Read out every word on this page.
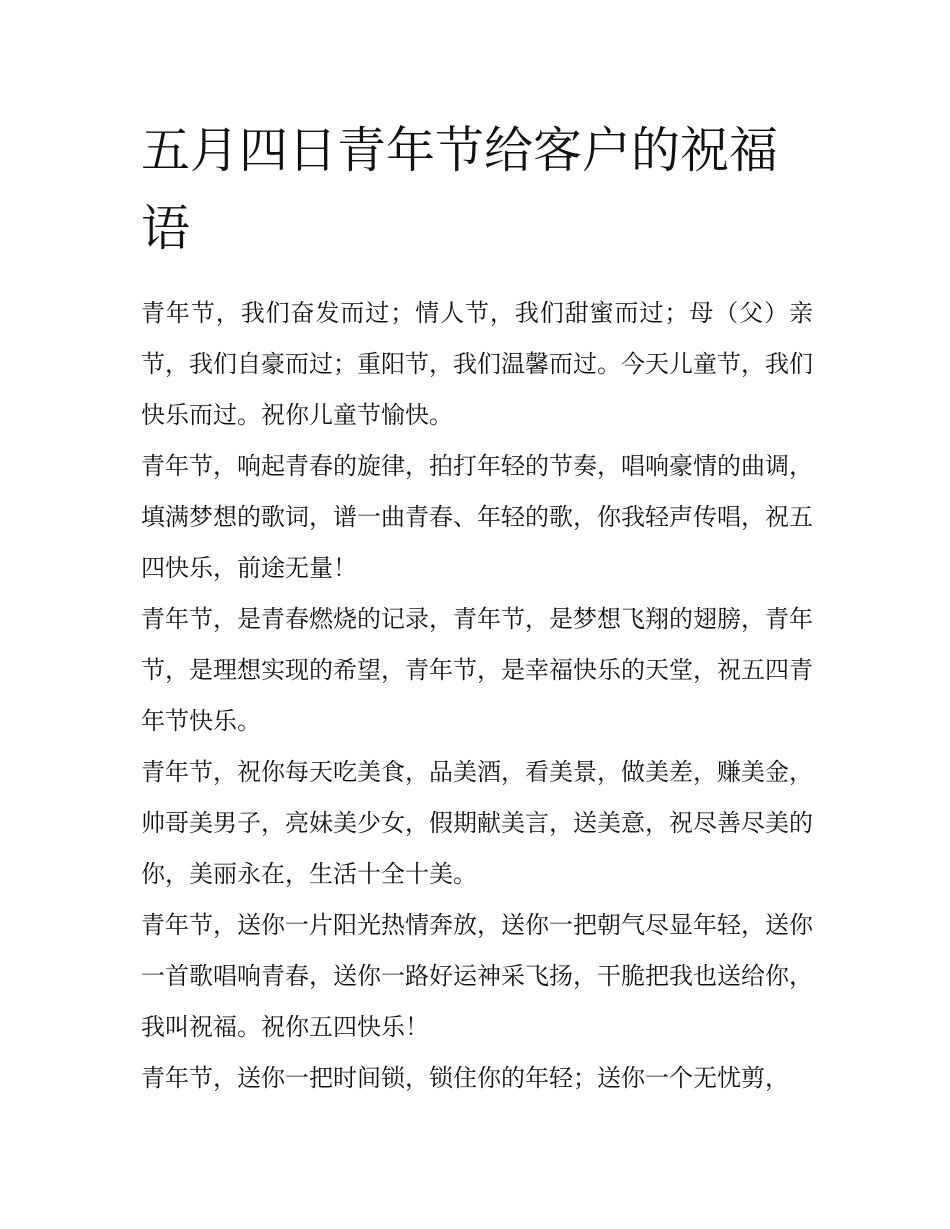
五月四日青年节给客户的祝福语

青年节，我们奋发而过；情人节，我们甜蜜而过；母（父）亲节，我们自豪而过；重阳节，我们温馨而过。今天儿童节，我们快乐而过。祝你儿童节愉快。

青年节，响起青春的旋律，拍打年轻的节奏，唱响豪情的曲调，填满梦想的歌词，谱一曲青春、年轻的歌，你我轻声传唱，祝五四快乐，前途无量！

青年节，是青春燃烧的记录，青年节，是梦想飞翔的翅膀，青年节，是理想实现的希望，青年节，是幸福快乐的天堂，祝五四青年节快乐。

青年节，祝你每天吃美食，品美酒，看美景，做美差，赚美金，帅哥美男子，亮妹美少女，假期献美言，送美意，祝尽善尽美的你，美丽永在，生活十全十美。

青年节，送你一片阳光热情奔放，送你一把朝气尽显年轻，送你一首歌唱响青春，送你一路好运神采飞扬，干脆把我也送给你，我叫祝福。祝你五四快乐！

青年节，送你一把时间锁，锁住你的年轻；送你一个无忧剪，
